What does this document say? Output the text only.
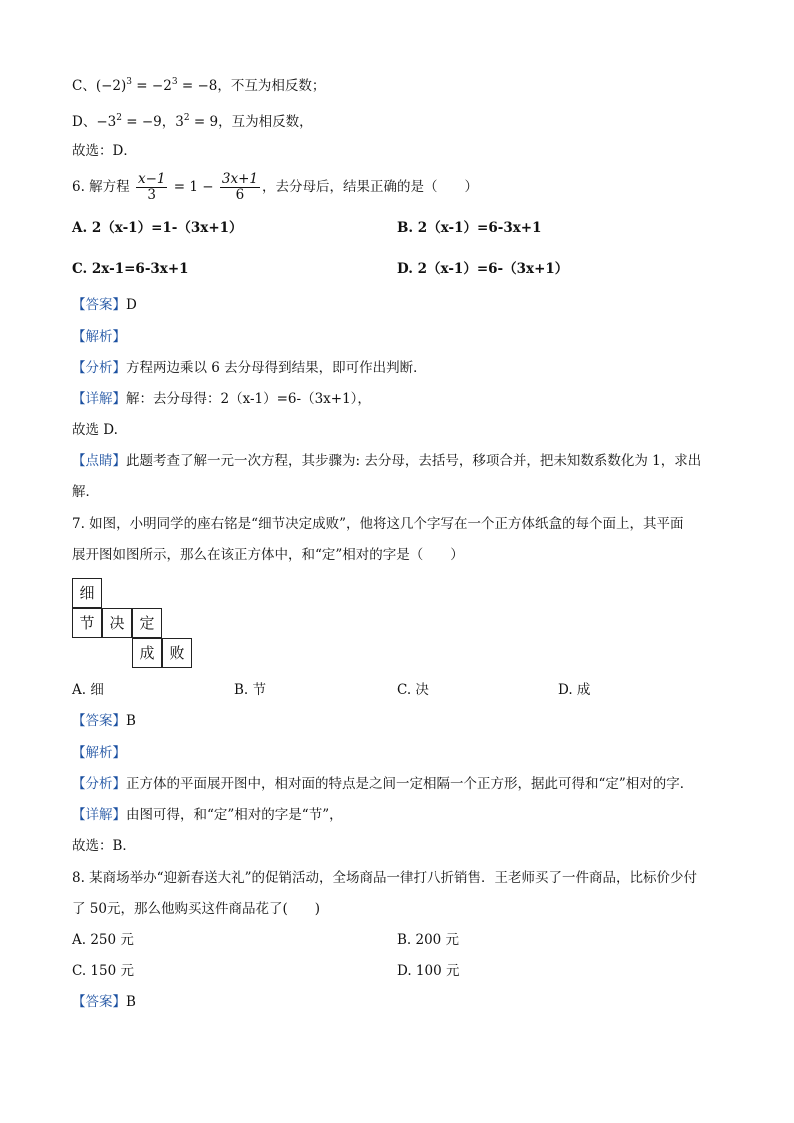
C、$(-2)^3 = -2^3 = -8$，不互为相反数；
D、$-3^2 = -9$，$3^2 = 9$，互为相反数，
故选：D．
6. 解方程 $\frac{x-1}{3} = 1 - \frac{3x+1}{6}$ ，去分母后，结果正确的是（　　）
A. 2（x-1）=1-（3x+1）	B. 2（x-1）=6-3x+1
C. 2x-1=6-3x+1	D. 2（x-1）=6-（3x+1）
【答案】D
【解析】
【分析】方程两边乘以 6 去分母得到结果，即可作出判断．
【详解】解：去分母得：2（x-1）=6-（3x+1），
故选 D.
【点睛】此题考查了解一元一次方程，其步骤为: 去分母，去括号，移项合并，把未知数系数化为 1，求出
解．
7. 如图，小明同学的座右铭是“细节决定成败”，他将这几个字写在一个正方体纸盒的每个面上，其平面
展开图如图所示，那么在该正方体中，和“定”相对的字是（　　）
细
节 决 定
成 败
A. 细	B. 节	C. 决	D. 成
【答案】B
【解析】
【分析】正方体的平面展开图中，相对面的特点是之间一定相隔一个正方形，据此可得和“定”相对的字．
【详解】由图可得，和“定”相对的字是“节”，
故选：B．
8. 某商场举办“迎新春送大礼”的促销活动，全场商品一律打八折销售．王老师买了一件商品，比标价少付
了 50元，那么他购买这件商品花了(　　)
A. 250 元	B. 200 元
C. 150 元	D. 100 元
【答案】B
